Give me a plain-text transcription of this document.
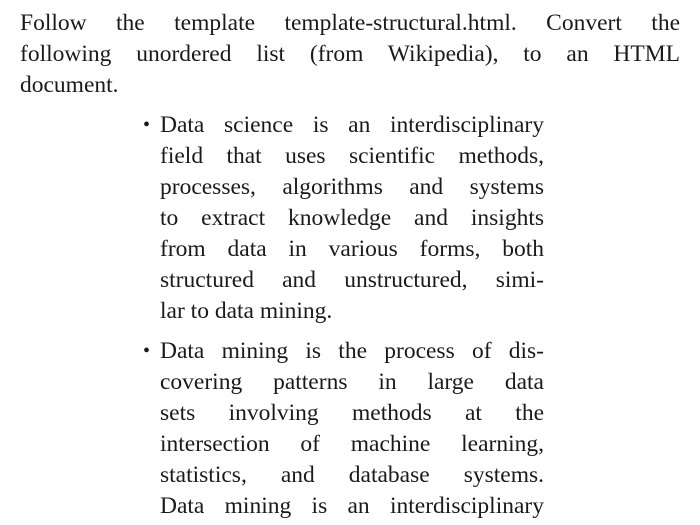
Follow the template template-structural.html. Convert the
following unordered list (from Wikipedia), to an HTML
document.

• Data science is an interdisciplinary
field that uses scientific methods,
processes, algorithms and systems
to extract knowledge and insights
from data in various forms, both
structured and unstructured, simi-
lar to data mining.
• Data mining is the process of dis-
covering patterns in large data
sets involving methods at the
intersection of machine learning,
statistics, and database systems.
Data mining is an interdisciplinary
